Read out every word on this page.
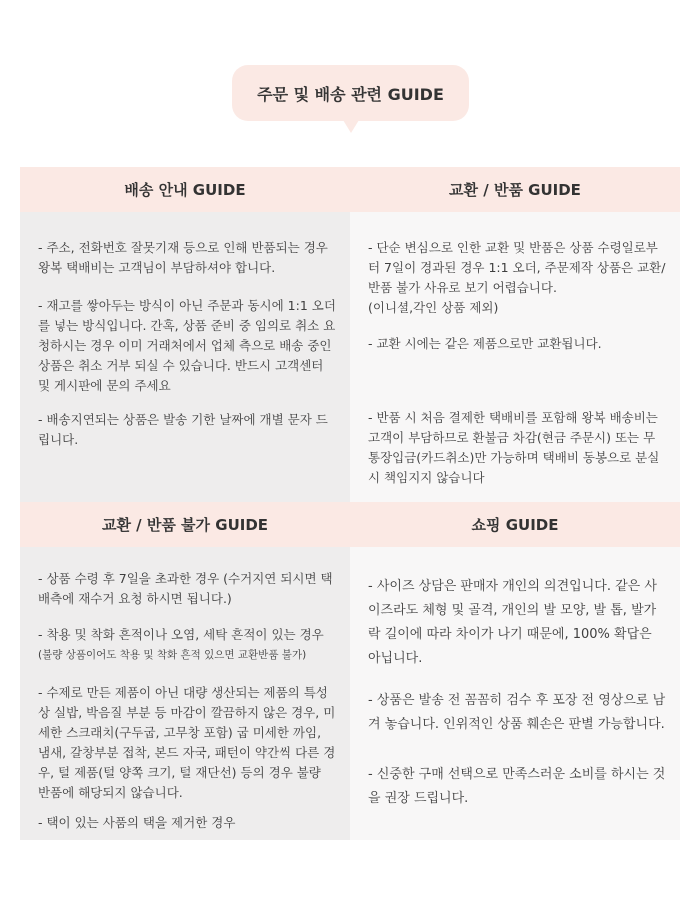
주문 및 배송 관련 GUIDE
배송 안내 GUIDE

- 주소, 전화번호 잘못기재 등으로 인해 반품되는 경우 왕복 택배비는 고객님이 부담하셔야 합니다.

- 재고를 쌓아두는 방식이 아닌 주문과 동시에 1:1 오더를 넣는 방식입니다. 간혹, 상품 준비 중 임의로 취소 요청하시는 경우 이미 거래처에서 업체 측으로 배송 중인 상품은 취소 거부 되실 수 있습니다. 반드시 고객센터 및 게시판에 문의 주세요

- 배송지연되는 상품은 발송 기한 날짜에 개별 문자 드립니다.

교환 / 반품 GUIDE

- 단순 변심으로 인한 교환 및 반품은 상품 수령일로부터 7일이 경과된 경우 1:1 오더, 주문제작 상품은 교환/반품 불가 사유로 보기 어렵습니다.
(이니셜,각인 상품 제외)

- 교환 시에는 같은 제품으로만 교환됩니다.

- 반품 시 처음 결제한 택배비를 포함해 왕복 배송비는 고객이 부담하므로 환불금 차감(현금 주문시) 또는 무통장입금(카드취소)만 가능하며 택배비 동봉으로 분실 시 책임지지 않습니다

교환 / 반품 불가 GUIDE

- 상품 수령 후 7일을 초과한 경우 (수거지연 되시면 택배측에 재수거 요청 하시면 됩니다.)

- 착용 및 착화 흔적이나 오염, 세탁 흔적이 있는 경우
(불량 상품이어도 착용 및 착화 흔적 있으면 교환반품 불가)

- 수제로 만든 제품이 아닌 대량 생산되는 제품의 특성상 실밥, 박음질 부분 등 마감이 깔끔하지 않은 경우, 미세한 스크래치(구두굽, 고무창 포함) 굽 미세한 까임, 냄새, 갈창부분 접착, 본드 자국, 패턴이 약간씩 다른 경우, 털 제품(털 양쪽 크기, 털 재단선) 등의 경우 불량 반품에 해당되지 않습니다.

- 택이 있는 사품의 택을 제거한 경우

쇼핑 GUIDE

- 사이즈 상담은 판매자 개인의 의견입니다. 같은 사이즈라도 체형 및 골격, 개인의 발 모양, 발 톱, 발가락 길이에 따라 차이가 나기 때문에, 100% 확답은 아닙니다.

- 상품은 발송 전 꼼꼼히 검수 후 포장 전 영상으로 남겨 놓습니다. 인위적인 상품 훼손은 판별 가능합니다.

- 신중한 구매 선택으로 만족스러운 소비를 하시는 것을 권장 드립니다.
